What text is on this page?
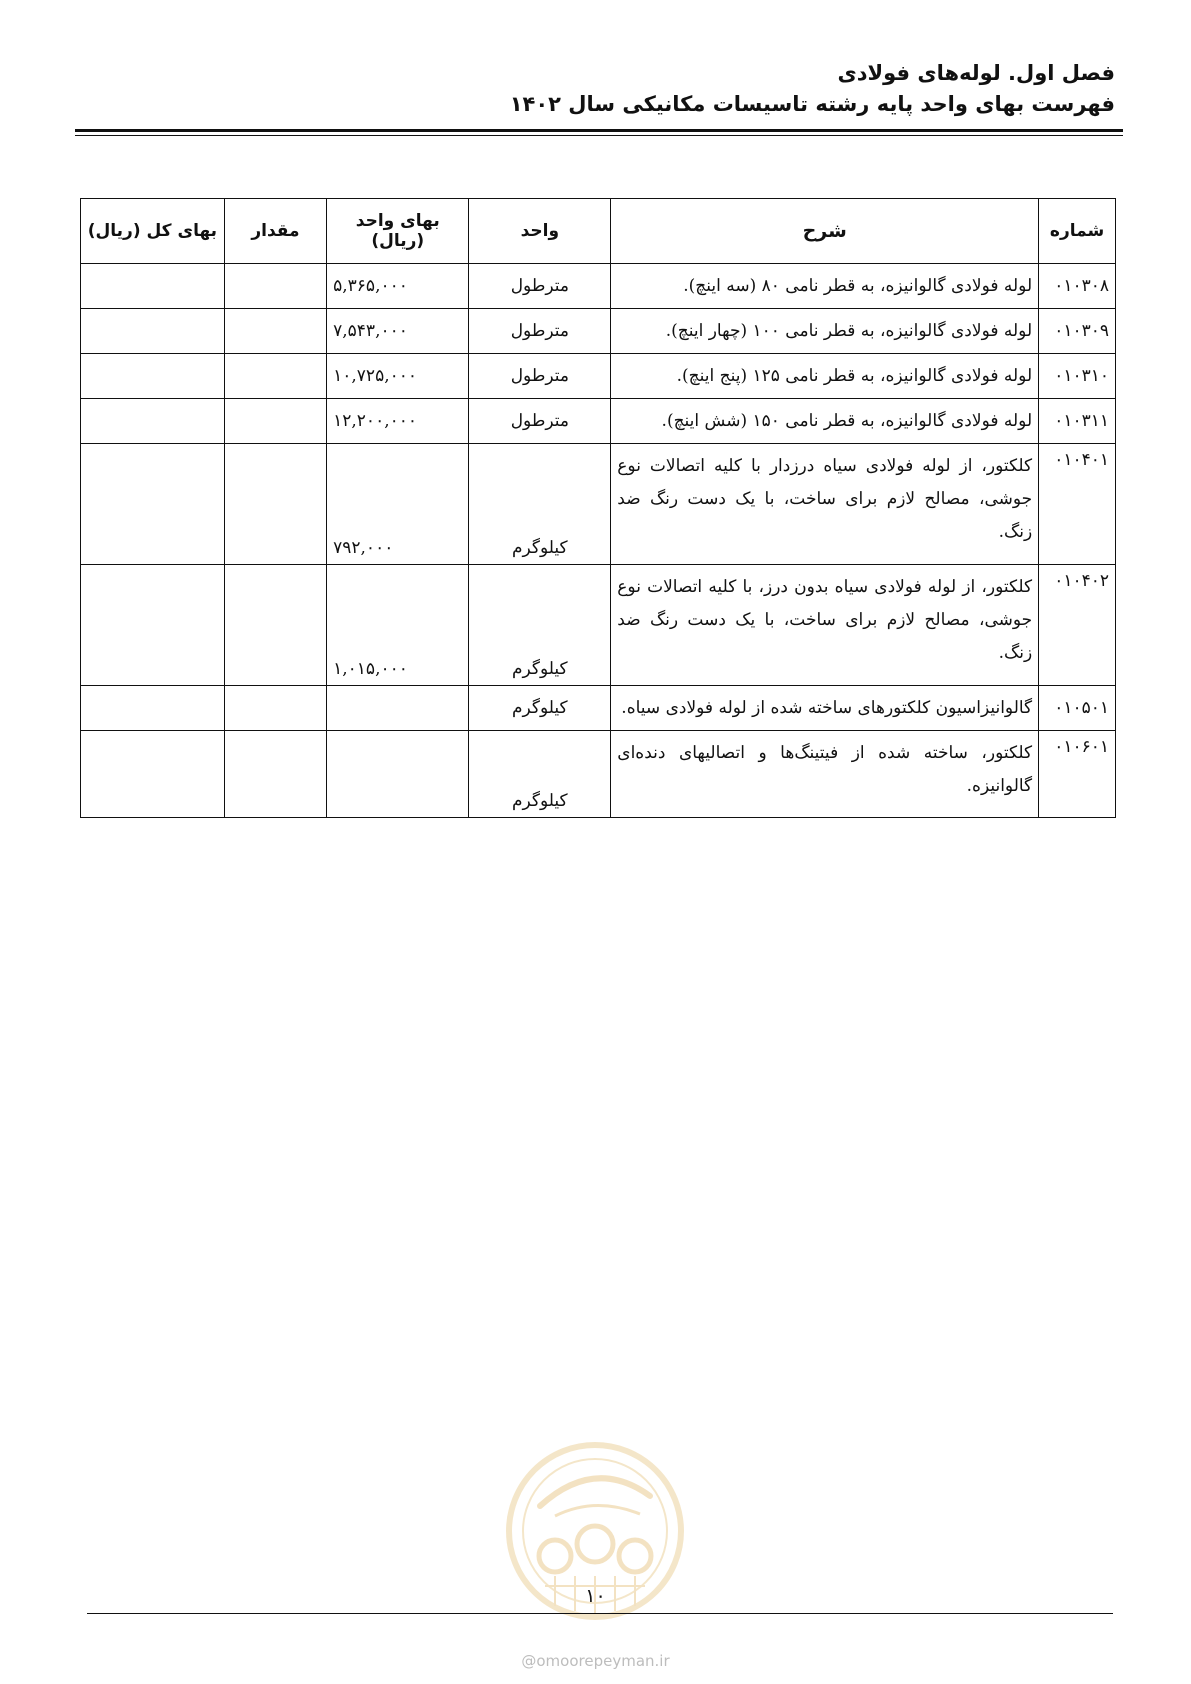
فصل اول. لوله‌های فولادی
فهرست بهای واحد پایه رشته تاسیسات مکانیکی سال ۱۴۰۲
شماره	شرح	واحد	بهای واحد (ریال)	مقدار	بهای کل (ریال)
۰۱۰۳۰۸	لوله فولادی گالوانیزه، به قطر نامی ۸۰ (سه اینچ).	مترطول	۵,۳۶۵,۰۰۰		
۰۱۰۳۰۹	لوله فولادی گالوانیزه، به قطر نامی ۱۰۰ (چهار اینچ).	مترطول	۷,۵۴۳,۰۰۰		
۰۱۰۳۱۰	لوله فولادی گالوانیزه، به قطر نامی ۱۲۵ (پنج اینچ).	مترطول	۱۰,۷۲۵,۰۰۰		
۰۱۰۳۱۱	لوله فولادی گالوانیزه، به قطر نامی ۱۵۰ (شش اینچ).	مترطول	۱۲,۲۰۰,۰۰۰		
۰۱۰۴۰۱	کلکتور، از لوله فولادی سیاه درزدار با کلیه اتصالات نوع جوشی، مصالح لازم برای ساخت، با یک دست رنگ ضد زنگ.	کیلوگرم	۷۹۲,۰۰۰		
۰۱۰۴۰۲	کلکتور، از لوله فولادی سیاه بدون درز، با کلیه اتصالات نوع جوشی، مصالح لازم برای ساخت، با یک دست رنگ ضد زنگ.	کیلوگرم	۱,۰۱۵,۰۰۰		
۰۱۰۵۰۱	گالوانیزاسیون کلکتورهای ساخته شده از لوله فولادی سیاه.	کیلوگرم			
۰۱۰۶۰۱	کلکتور، ساخته شده از فیتینگ‌ها و اتصالیهای دنده‌ای گالوانیزه.	کیلوگرم			
۱۰
@omoorepeyman.ir
